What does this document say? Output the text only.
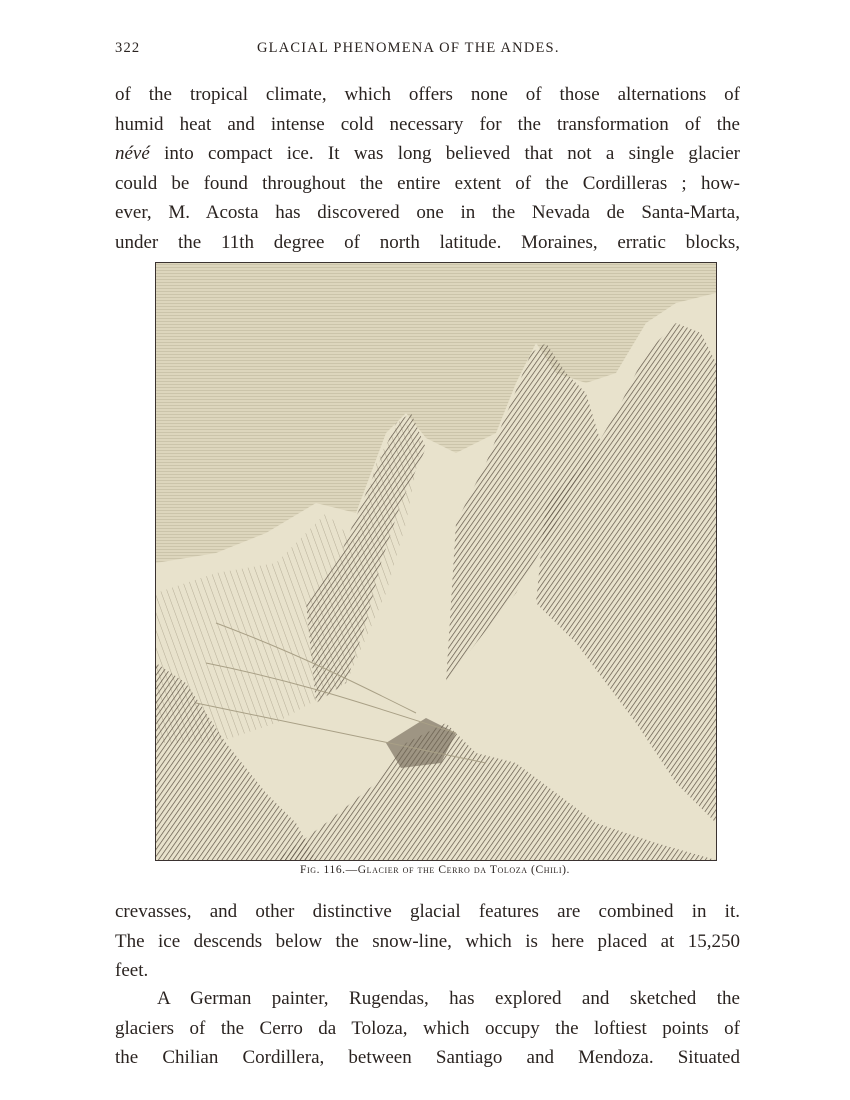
322	GLACIAL PHENOMENA OF THE ANDES.
of the tropical climate, which offers none of those alternations of
humid heat and intense cold necessary for the transformation of the
névé into compact ice. It was long believed that not a single glacier
could be found throughout the entire extent of the Cordilleras ; how-
ever, M. Acosta has discovered one in the Nevada de Santa-Marta,
under the 11th degree of north latitude. Moraines, erratic blocks,
Fig. 116.—Glacier of the Cerro da Toloza (Chili).
crevasses, and other distinctive glacial features are combined in it.
The ice descends below the snow-line, which is here placed at 15,250
feet.
A German painter, Rugendas, has explored and sketched the
glaciers of the Cerro da Toloza, which occupy the loftiest points of
the Chilian Cordillera, between Santiago and Mendoza. Situated
